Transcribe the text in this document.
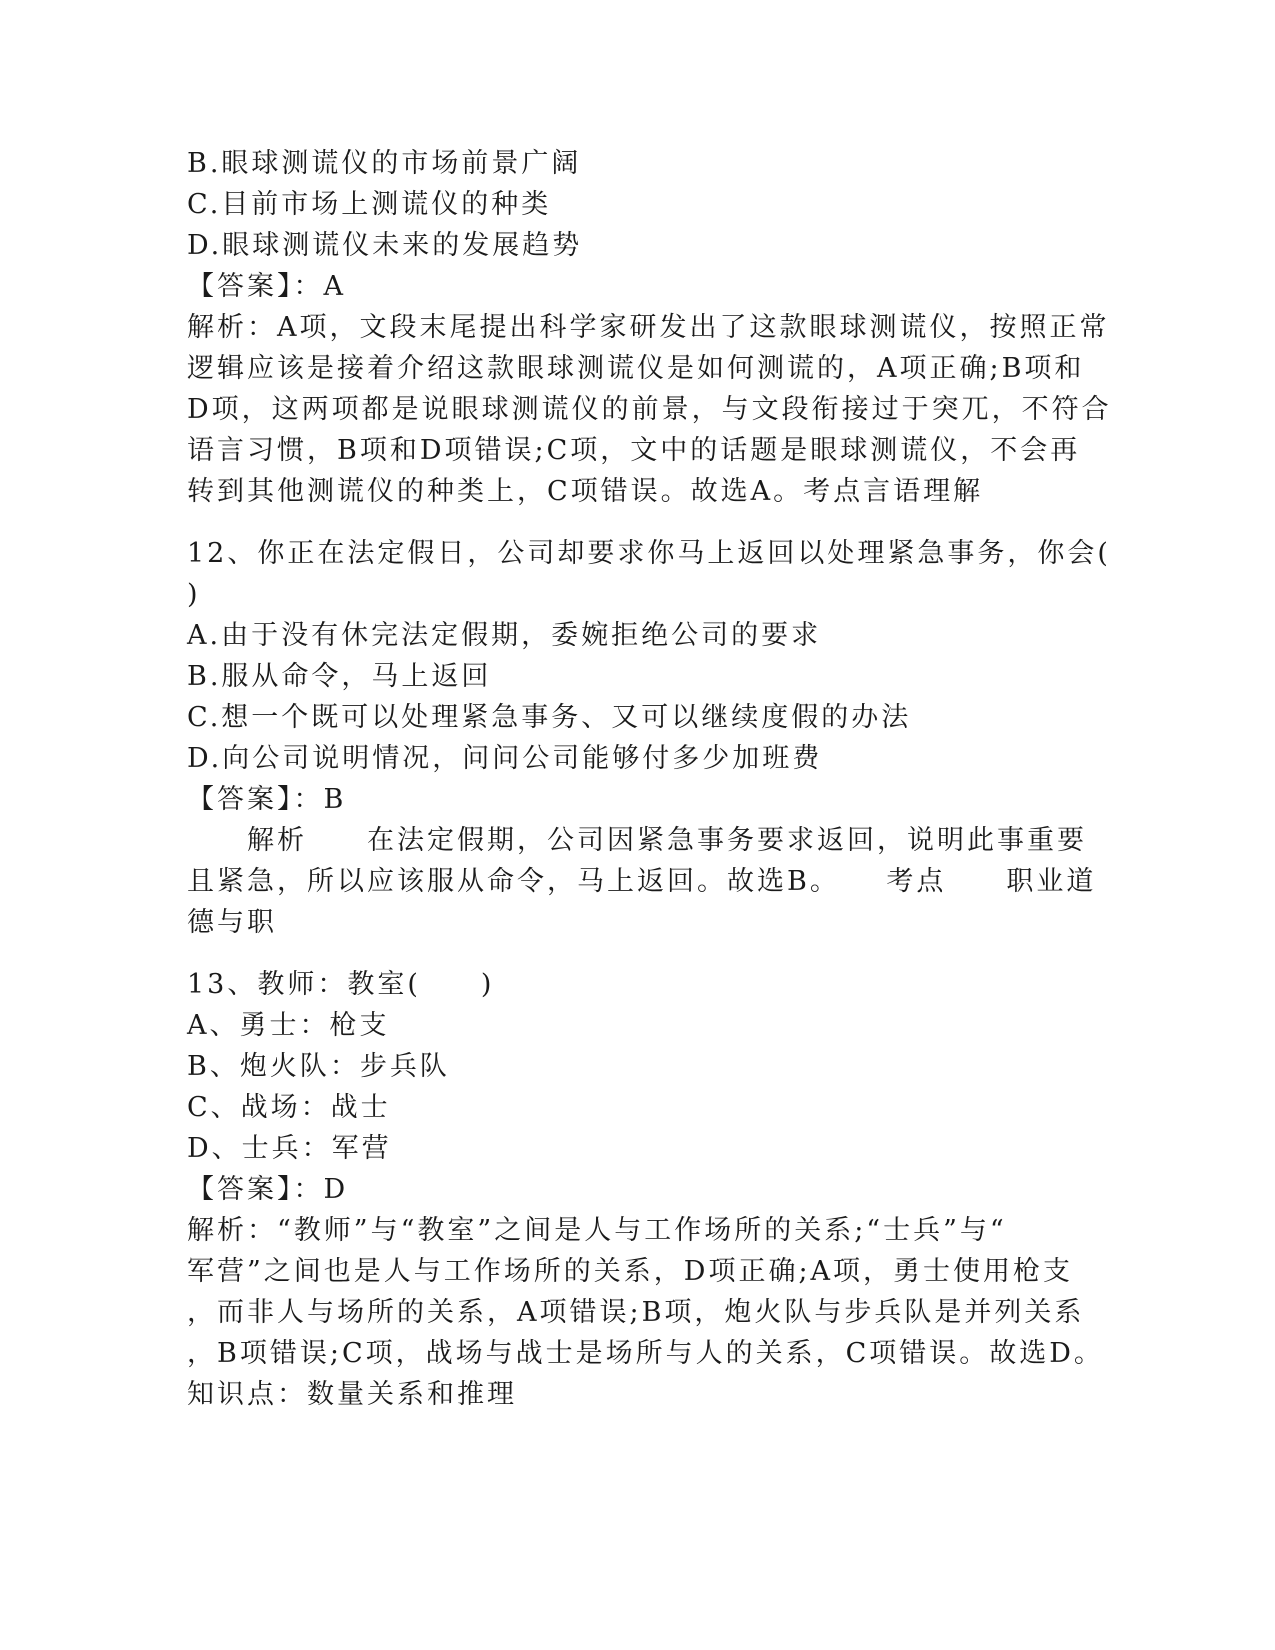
B.眼球测谎仪的市场前景广阔
C.目前市场上测谎仪的种类
D.眼球测谎仪未来的发展趋势
【答案】：A
解析：A项，文段末尾提出科学家研发出了这款眼球测谎仪，按照正常
逻辑应该是接着介绍这款眼球测谎仪是如何测谎的，A项正确;B项和
D项，这两项都是说眼球测谎仪的前景，与文段衔接过于突兀，不符合
语言习惯，B项和D项错误;C项，文中的话题是眼球测谎仪，不会再
转到其他测谎仪的种类上，C项错误。故选A。考点言语理解
12、你正在法定假日，公司却要求你马上返回以处理紧急事务，你会(
)
A.由于没有休完法定假期，委婉拒绝公司的要求
B.服从命令，马上返回
C.想一个既可以处理紧急事务、又可以继续度假的办法
D.向公司说明情况，问问公司能够付多少加班费
【答案】：B
　　解析　　在法定假期，公司因紧急事务要求返回，说明此事重要
且紧急，所以应该服从命令，马上返回。故选B。　　考点　　职业道
德与职
13、教师：教室(　　)
A、勇士：枪支
B、炮火队：步兵队
C、战场：战士
D、士兵：军营
【答案】：D
解析：“教师”与“教室”之间是人与工作场所的关系;“士兵”与“
军营”之间也是人与工作场所的关系，D项正确;A项，勇士使用枪支
，而非人与场所的关系，A项错误;B项，炮火队与步兵队是并列关系
，B项错误;C项，战场与战士是场所与人的关系，C项错误。故选D。
知识点：数量关系和推理
